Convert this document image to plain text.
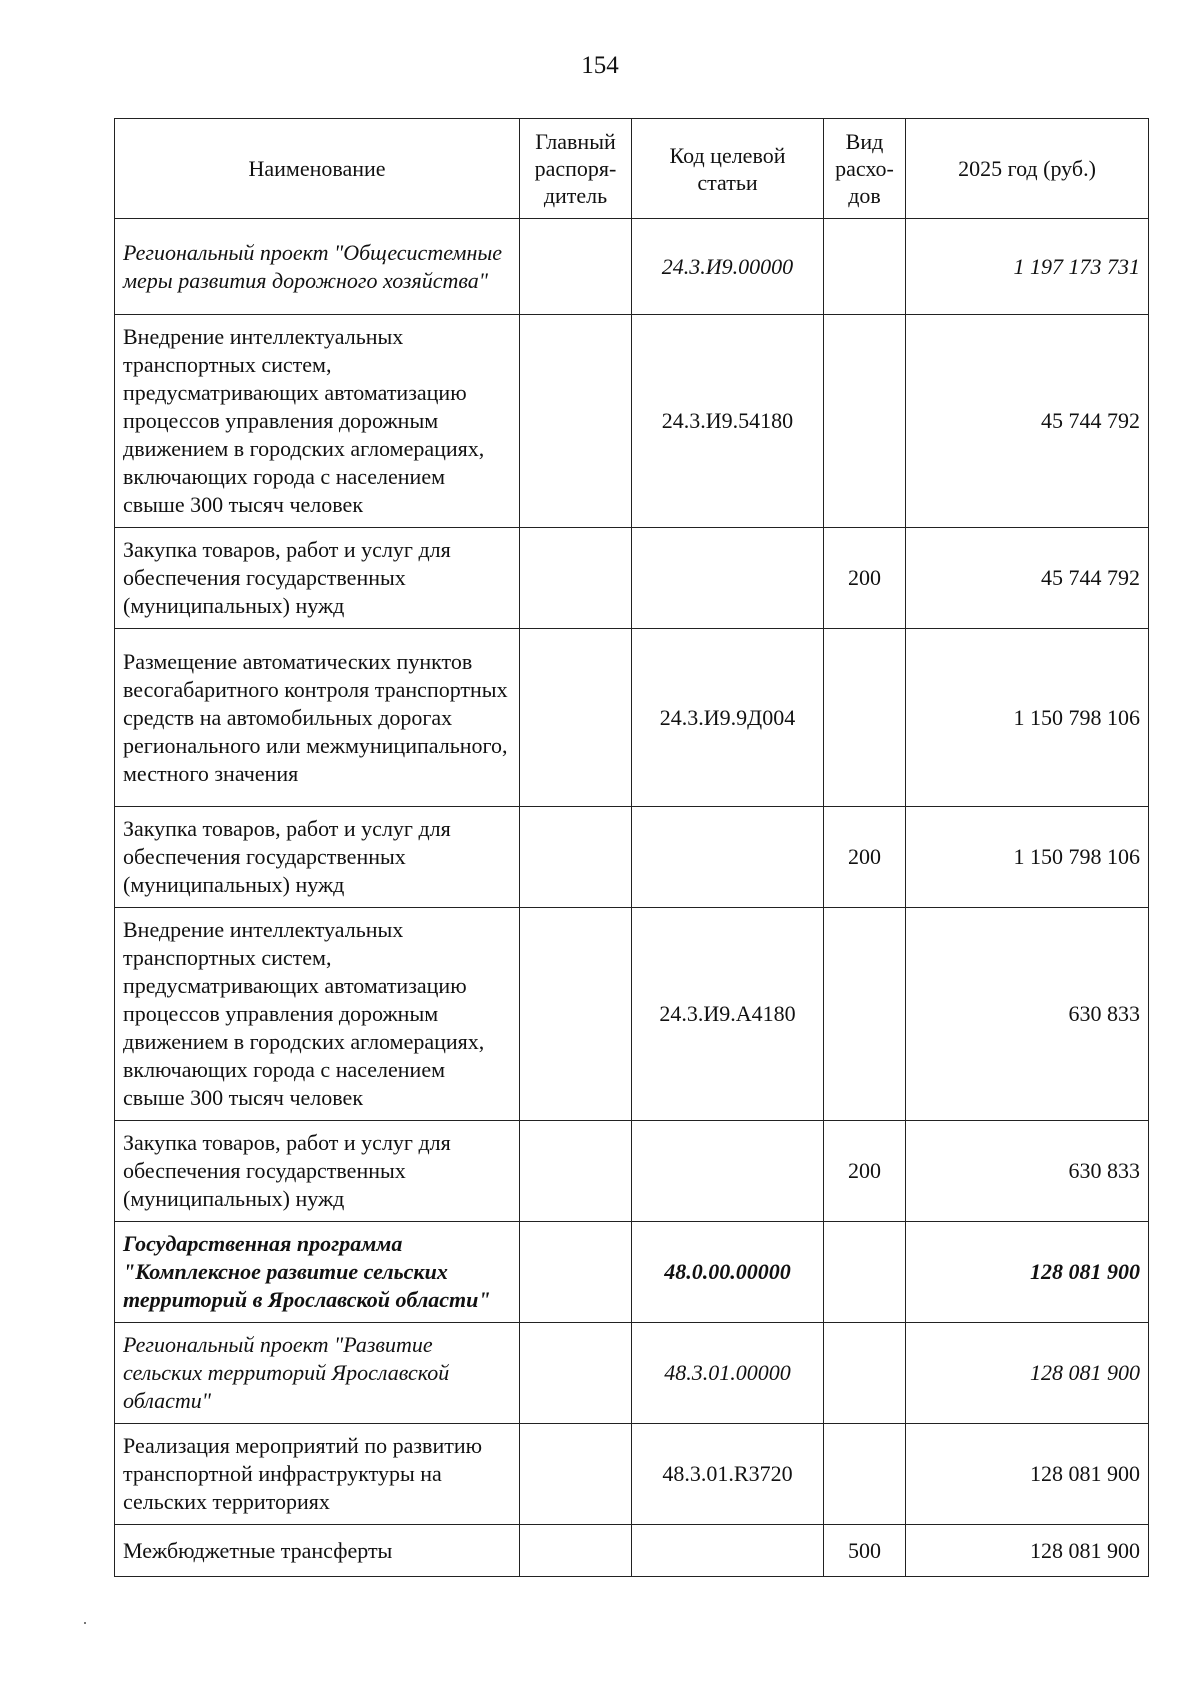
154
Наименование	Главный распоря-дитель	Код целевой статьи	Вид расхо-дов	2025 год (руб.)
Региональный проект "Общесистемные меры развития дорожного хозяйства"		24.3.И9.00000		1 197 173 731
Внедрение интеллектуальных транспортных систем, предусматривающих автоматизацию процессов управления дорожным движением в городских агломерациях, включающих города с населением свыше 300 тысяч человек		24.3.И9.54180		45 744 792
Закупка товаров, работ и услуг для обеспечения государственных (муниципальных) нужд			200	45 744 792
Размещение автоматических пунктов весогабаритного контроля транспортных средств на автомобильных дорогах регионального или межмуниципального, местного значения		24.3.И9.9Д004		1 150 798 106
Закупка товаров, работ и услуг для обеспечения государственных (муниципальных) нужд			200	1 150 798 106
Внедрение интеллектуальных транспортных систем, предусматривающих автоматизацию процессов управления дорожным движением в городских агломерациях, включающих города с населением свыше 300 тысяч человек		24.3.И9.А4180		630 833
Закупка товаров, работ и услуг для обеспечения государственных (муниципальных) нужд			200	630 833
Государственная программа "Комплексное развитие сельских территорий в Ярославской области"		48.0.00.00000		128 081 900
Региональный проект "Развитие сельских территорий Ярославской области"		48.3.01.00000		128 081 900
Реализация мероприятий по развитию транспортной инфраструктуры на сельских территориях		48.3.01.R3720		128 081 900
Межбюджетные трансферты			500	128 081 900
